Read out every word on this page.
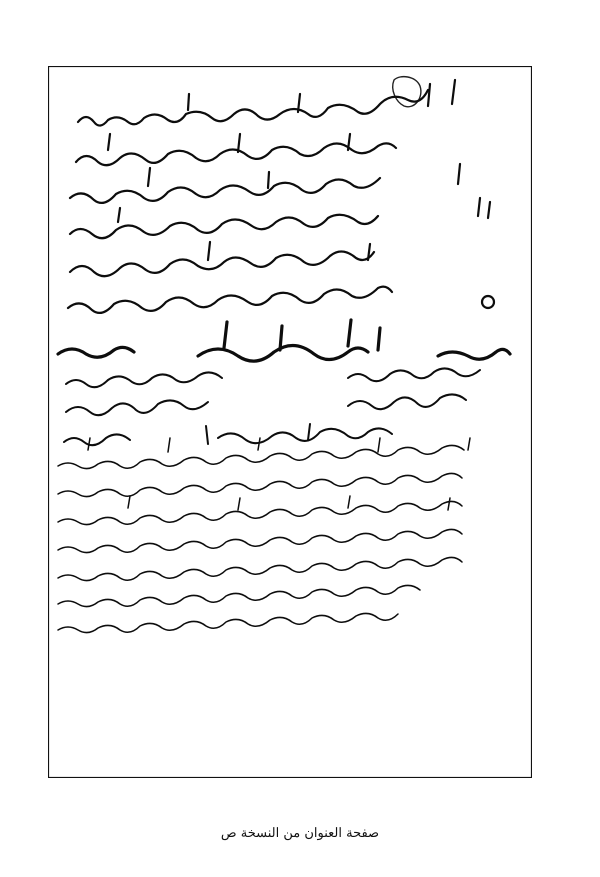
صفحة العنوان من النسخة ص
